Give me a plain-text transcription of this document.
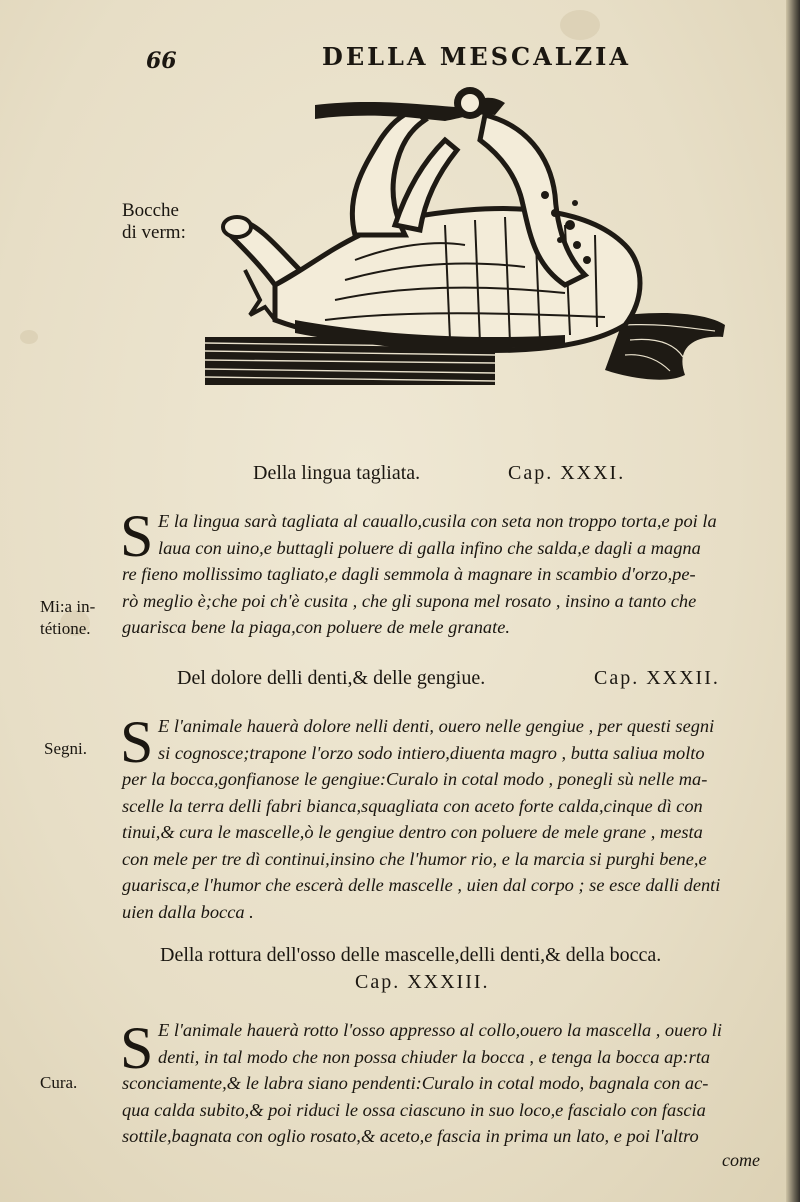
66	DELLA MESCALZIA
Bocche
di verm:
Della lingua tagliata.	Cap. XXXI.
S E la lingua sarà tagliata al cauallo,cusila con seta non troppo torta,e poi la
laua con uino,e buttagli poluere di galla infino che salda,e dagli a magna
re fieno mollissimo tagliato,e dagli semmola à magnare in scambio d'orzo,pe-
rò meglio è;che poi ch'è cusita , che gli supona mel rosato , insino a tanto che
guarisca bene la piaga,con poluere de mele granate.
Mi:a in-
tétione.
Del dolore delli denti,& delle gengiue.	Cap. XXXII.
S E l'animale hauerà dolore nelli denti, ouero nelle gengiue , per questi segni
si cognosce;trapone l'orzo sodo intiero,diuenta magro , butta saliua molto
per la bocca,gonfianose le gengiue:Curalo in cotal modo , ponegli sù nelle ma-
scelle la terra delli fabri bianca,squagliata con aceto forte calda,cinque dì con
tinui,& cura le mascelle,ò le gengiue dentro con poluere de mele grane , mesta
con mele per tre dì continui,insino che l'humor rio, e la marcia si purghi bene,e
guarisca,e l'humor che escerà delle mascelle , uien dal corpo ; se esce dalli denti
uien dalla bocca .
Segni.
Della rottura dell'osso delle mascelle,delli denti,& della bocca.
Cap. XXXIII.
S E l'animale hauerà rotto l'osso appresso al collo,ouero la mascella , ouero li
denti, in tal modo che non possa chiuder la bocca , e tenga la bocca ap:rta
sconciamente,& le labra siano pendenti:Curalo in cotal modo, bagnala con ac-
qua calda subito,& poi riduci le ossa ciascuno in suo loco,e fascialo con fascia
sottile,bagnata con oglio rosato,& aceto,e fascia in prima un lato, e poi l'altro
Cura.
come
